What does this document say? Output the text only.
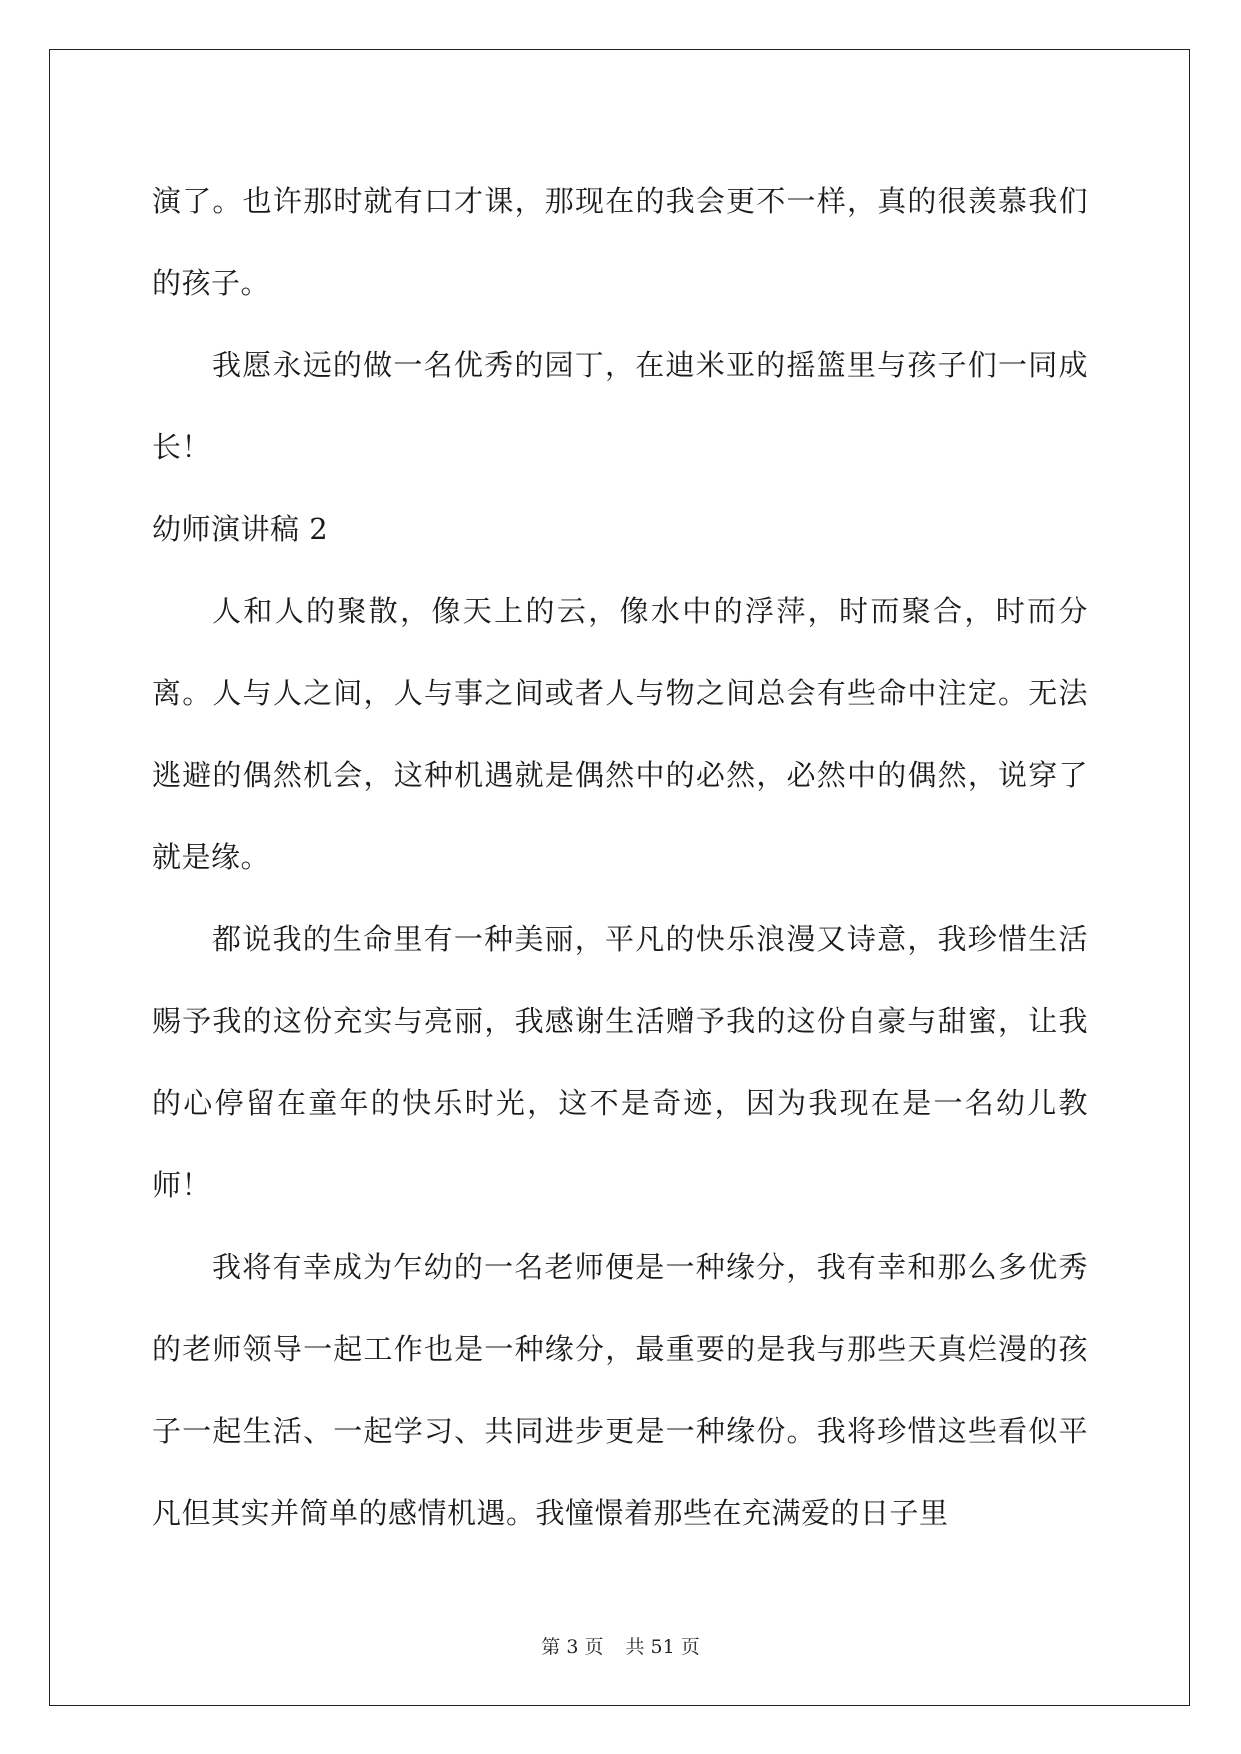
演了。也许那时就有口才课，那现在的我会更不一样，真的很羡慕我们的孩子。

我愿永远的做一名优秀的园丁，在迪米亚的摇篮里与孩子们一同成长！

幼师演讲稿 2

人和人的聚散，像天上的云，像水中的浮萍，时而聚合，时而分离。人与人之间，人与事之间或者人与物之间总会有些命中注定。无法逃避的偶然机会，这种机遇就是偶然中的必然，必然中的偶然，说穿了就是缘。

都说我的生命里有一种美丽，平凡的快乐浪漫又诗意，我珍惜生活赐予我的这份充实与亮丽，我感谢生活赠予我的这份自豪与甜蜜，让我的心停留在童年的快乐时光，这不是奇迹，因为我现在是一名幼儿教师！

我将有幸成为乍幼的一名老师便是一种缘分，我有幸和那么多优秀的老师领导一起工作也是一种缘分，最重要的是我与那些天真烂漫的孩子一起生活、一起学习、共同进步更是一种缘份。我将珍惜这些看似平凡但其实并简单的感情机遇。我憧憬着那些在充满爱的日子里

第 3 页 共 51 页
